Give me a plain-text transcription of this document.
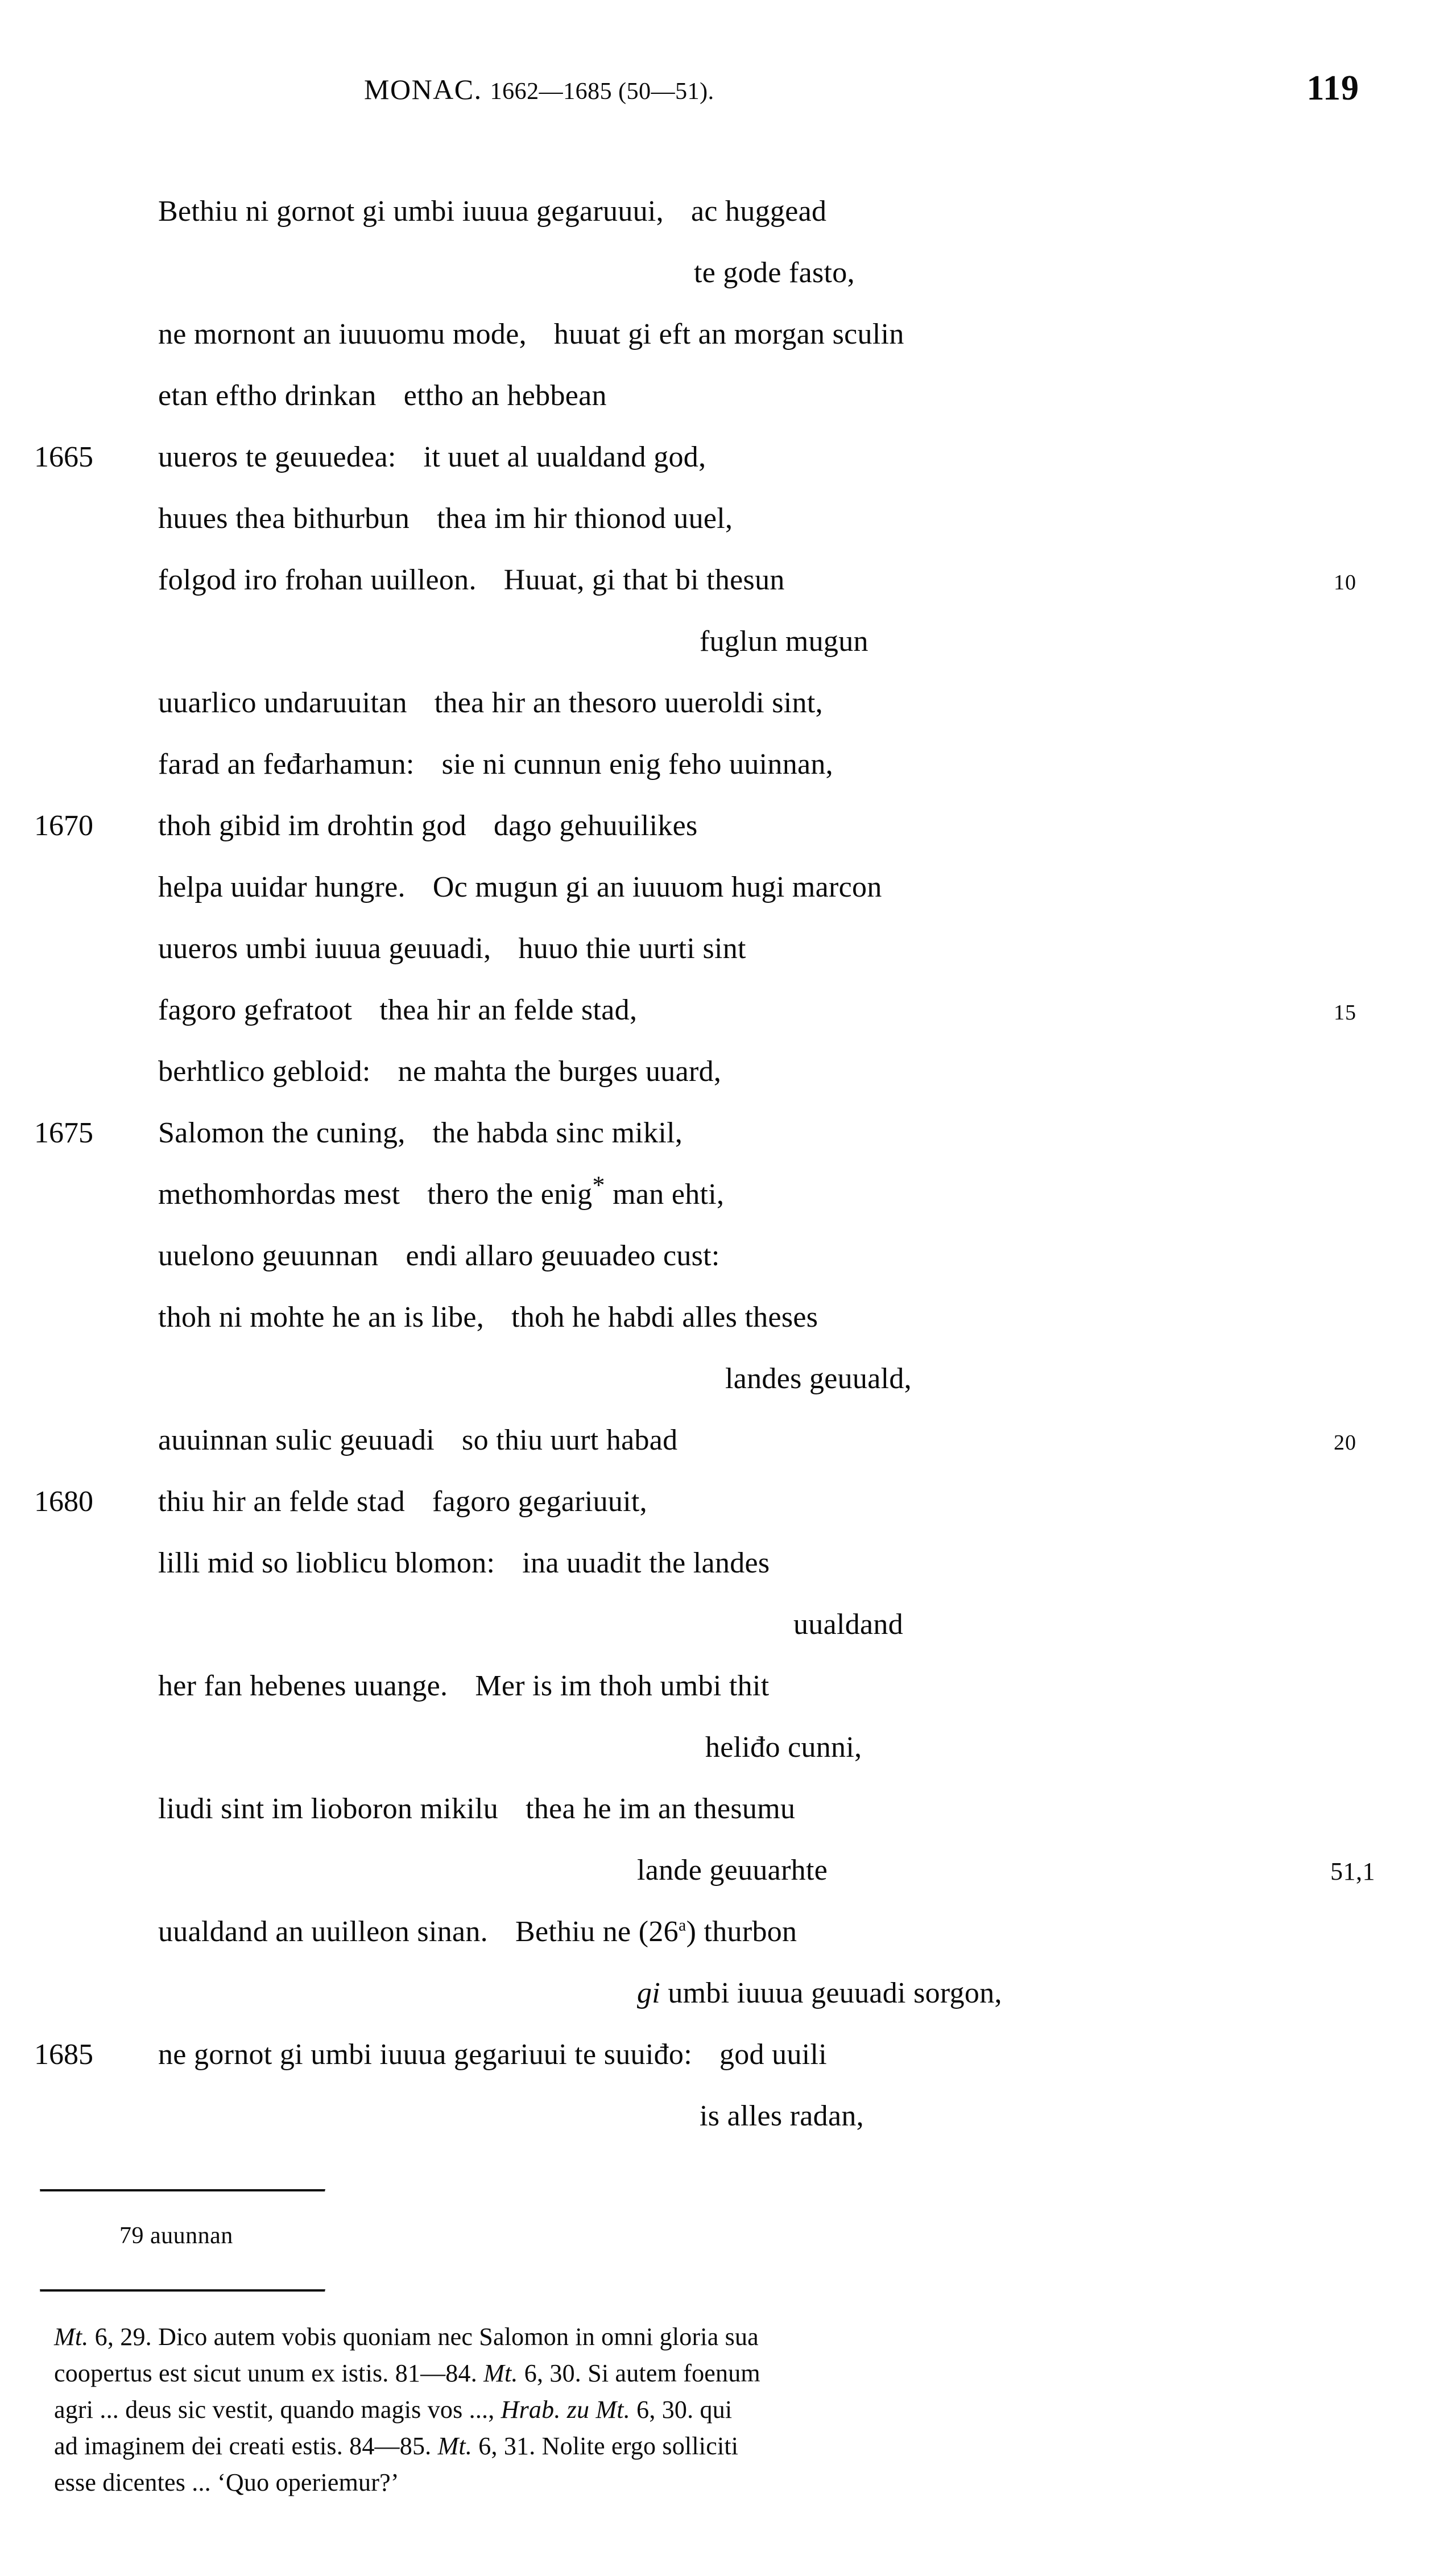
MONAC. 1662—1685 (50—51).	119
Bethiu ni gornot gi umbi iuuua gegaruuui, ac huggead
te gode fasto,
ne mornont an iuuuomu mode, huuat gi eft an morgan sculin
etan eftho drinkan ettho an hebbean
1665	uueros te geuuedea: it uuet al uualdand god,
huues thea bithurbun thea im hir thionod uuel,
folgod iro frohan uuilleon. Huuat, gi that bi thesun	10
fuglun mugun
uuarlico undaruuitan thea hir an thesoro uueroldi sint,
farad an feđarhamun: sie ni cunnun enig feho uuinnan,
1670	thoh gibid im drohtin god dago gehuuilikes
helpa uuidar hungre. Oc mugun gi an iuuuom hugi marcon
uueros umbi iuuua geuuadi, huuo thie uurti sint
fagoro gefratoot thea hir an felde stad,	15
berhtlico gebloid: ne mahta the burges uuard,
1675	Salomon the cuning, the habda sinc mikil,
methomhordas mest thero the enig* man ehti,
uuelono geuunnan endi allaro geuuadeo cust:
thoh ni mohte he an is libe, thoh he habdi alles theses
landes geuuald,
auuinnan sulic geuuadi so thiu uurt habad	20
1680	thiu hir an felde stad fagoro gegariuuit,
lilli mid so lioblicu blomon: ina uuadit the landes
uualdand
her fan hebenes uuange. Mer is im thoh umbi thit
heliđo cunni,
liudi sint im lioboron mikilu thea he im an thesumu
lande geuuarhte	51,1
uualdand an uuilleon sinan. Bethiu ne (26$^a$) thurbon
gi umbi iuuua geuuadi sorgon,
1685	ne gornot gi umbi iuuua gegariuui te suuiđo: god uuili
is alles radan,
79 auunnan
Mt. 6, 29. Dico autem vobis quoniam nec Salomon in omni gloria sua
coopertus est sicut unum ex istis. 81—84. Mt. 6, 30. Si autem foenum
agri ... deus sic vestit, quando magis vos ..., Hrab. zu Mt. 6, 30. qui
ad imaginem dei creati estis. 84—85. Mt. 6, 31. Nolite ergo solliciti
esse dicentes ... ‘Quo operiemur?’
